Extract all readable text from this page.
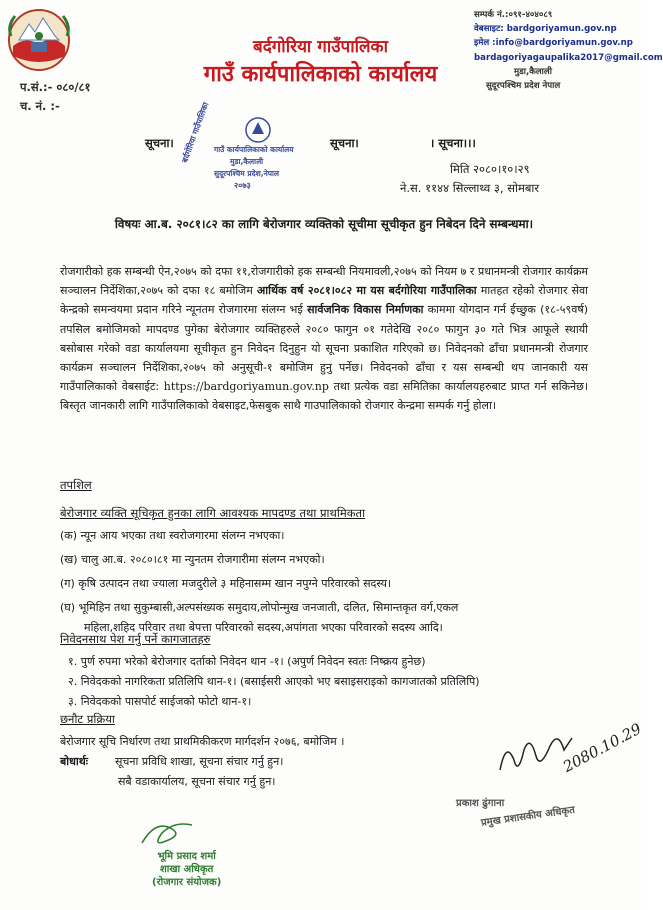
बर्दगोरिया गाउँपालिका
गाउँ कार्यपालिकाको कार्यालय
प.सं.:- ०८०/८१
च. नं. :-
सम्पर्क नं.:०९१-४०४०८९
वेबसाइट: bardgoriyamun.gov.np
इमेल :info@bardgoriyamun.gov.np
bardagoriyagaupalika2017@gmail.com
मुडा,कैलाली
सुदूरपश्चिम प्रदेश नेपाल
सूचना।	सूचना।	। सूचना।।।
बर्दगोरिया गाउँपालिका गाउँ कार्यपालिकाको कार्यालय
मुडा,कैलाली
सुदूरपश्चिम प्रदेश,नेपाल
२०७३
मिति २०८०।१०।२९
ने.स. ११४४ सिल्लाथ्व ३, सोमबार
विषयः आ.ब. २०८१।८२ का लागि बेरोजगार व्यक्तिको सूचीमा सूचीकृत हुन निबेदन दिने सम्बन्धमा।
रोजगारीको हक सम्बन्धी ऐन,२०७५ को दफा ११,रोजगारीको हक सम्बन्धी नियमावली,२०७५ को नियम ७ र प्रधानमन्त्री रोजगार कार्यक्रम सञ्चालन निर्देशिका,२०७५ को दफा १८ बमोजिम आर्थिक वर्ष २०८१।०८२ मा यस बर्दगोरिया गाउँपालिका मातहत रहेको रोजगार सेवा केन्द्रको समन्वयमा प्रदान गरिने न्यूनतम रोजगारमा संलग्न भई सार्वजनिक विकास निर्माणका काममा योगदान गर्न ईच्छुक (१८-५९वर्ष) तपसिल बमोजिमको मापदण्ड पुगेका बेरोजगार व्यक्तिहरुले २०८० फागुन ०१ गतेदेखि २०८० फागुन ३० गते भित्र आफूले स्थायी बसोबास गरेको वडा कार्यालयमा सूचीकृत हुन निवेदन दिनुहुन यो सूचना प्रकाशित गरिएको छ। निवेदनको ढाँचा प्रधानमन्त्री रोजगार कार्यक्रम सञ्चालन निर्देशिका,२०७५ को अनुसूची-१ बमोजिम हुनु पर्नेछ। निवेदनको ढाँचा र यस सम्बन्धी थप जानकारी यस गाउँपालिकाको वेबसाईट: https://bardgoriyamun.gov.np तथा प्रत्येक वडा समितिका कार्यालयहरुबाट प्राप्त गर्न सकिनेछ। बिस्तृत जानकारी लागि गाउँपालिकाको वेबसाइट,फेसबुक साथै गाउपालिकाको रोजगार केन्द्रमा सम्पर्क गर्नु होला।
तपशिल
बेरोजगार व्यक्ति सूचिकृत हुनका लागि आवश्यक मापदण्ड तथा प्राथमिकता
(क) न्यून आय भएका तथा स्वरोजगारमा संलग्न नभएका।
(ख) चालु आ.ब. २०८०।८१ मा न्युनतम रोजगारीमा संलग्न नभएको।
(ग) कृषि उत्पादन तथा ज्याला मजदुरीले ३ महिनासम्म खान नपुग्ने परिवारको सदस्य।
(घ) भूमिहिन तथा सुकुम्बासी,अल्पसंख्यक समुदाय,लोपोन्मुख जनजाती, दलित, सिमान्तकृत वर्ग,एकल
महिला,शहिद परिवार तथा बेपत्ता परिवारको सदस्य,अपांगता भएका परिवारको सदस्य आदि।
निवेदनसाथ पेश गर्नु पर्ने कागजातहरु
१. पुर्ण रुपमा भरेको बेरोजगार दर्ताको निवेदन थान -१। (अपुर्ण निवेदन स्वतः निष्क्रय हुनेछ)
२. निवेदकको नागरिकता प्रतिलिपि थान-१। (बसाईसरी आएको भए बसाइसराइको कागजातको प्रतिलिपि)
३. निवेदकको पासपोर्ट साईजको फोटो थान-१।
छनौट प्रक्रिया
बेरोजगार सूचि निर्धारण तथा प्राथमिकीकरण मार्गदर्शन २०७६, बमोजिम ।
बोधार्थः सूचना प्रविधि शाखा, सूचना संचार गर्नु हुन।
सबै वडाकार्यालय, सूचना संचार गर्नु हुन।
भूमि प्रसाद शर्मा
शाखा अधिकृत
(रोजगार संयोजक)
प्रकाश ढुंगाना
प्रमुख प्रशासकीय अधिकृत
2080.10.29
